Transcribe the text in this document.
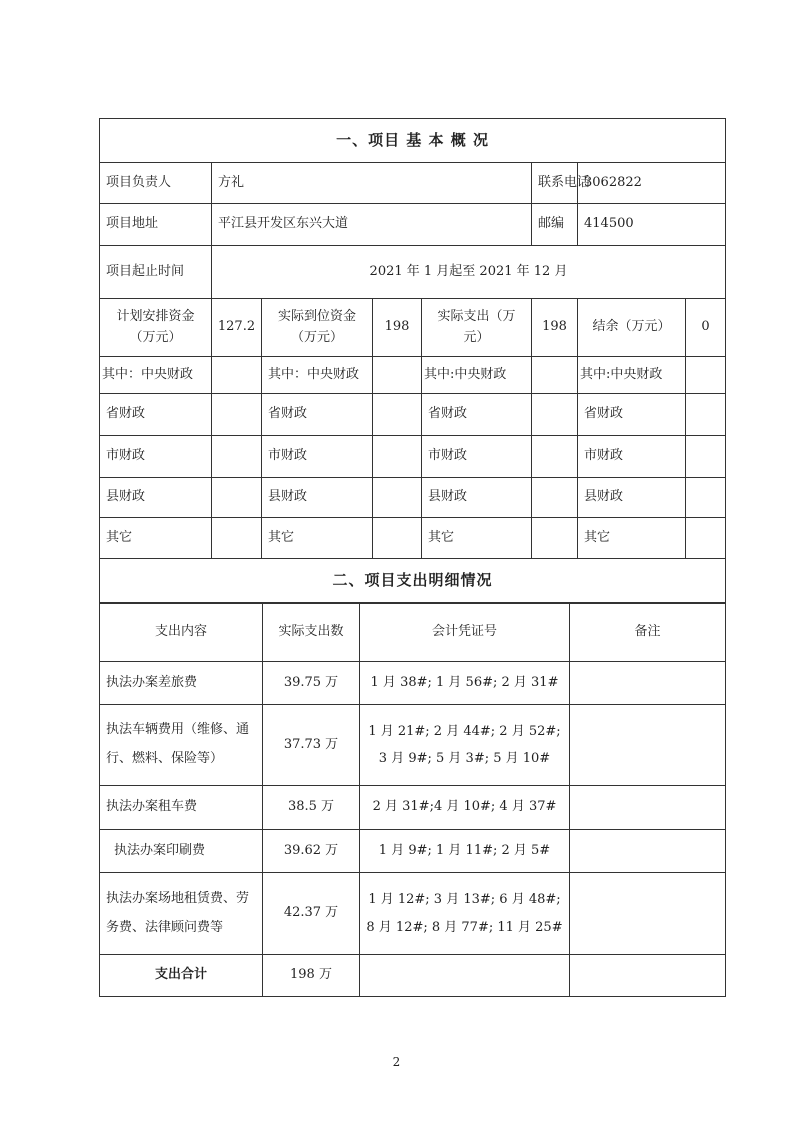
一、项目 基 本 概 况							
项目负责人	方礼				联系电话	3062822	
项目地址	平江县开发区东兴大道				邮编	414500	
项目起止时间	2021 年 1 月起至 2021 年 12 月						
计划安排资金（万元）	127.2	实际到位资金（万元）	198	实际支出（万元）	198	结余（万元）	0
其中：中央财政		其中：中央财政		其中:中央财政		其中:中央财政	
省财政		省财政		省财政		省财政	
市财政		市财政		市财政		市财政	
县财政		县财政		县财政		县财政	
其它		其它		其它		其它	
二、项目支出明细情况							
支出内容	实际支出数	会计凭证号	备注
执法办案差旅费	39.75 万	1 月 38#; 1 月 56#; 2 月 31#	
执法车辆费用（维修、通行、燃料、保险等）	37.73 万	1 月 21#; 2 月 44#; 2 月 52#; 3 月 9#; 5 月 3#; 5 月 10#	
执法办案租车费	38.5 万	2 月 31#;4 月 10#; 4 月 37#	
执法办案印刷费	39.62 万	1 月 9#; 1 月 11#; 2 月 5#	
执法办案场地租赁费、劳务费、法律顾问费等	42.37 万	1 月 12#; 3 月 13#; 6 月 48#; 8 月 12#; 8 月 77#; 11 月 25#	
支出合计	198 万		
2
